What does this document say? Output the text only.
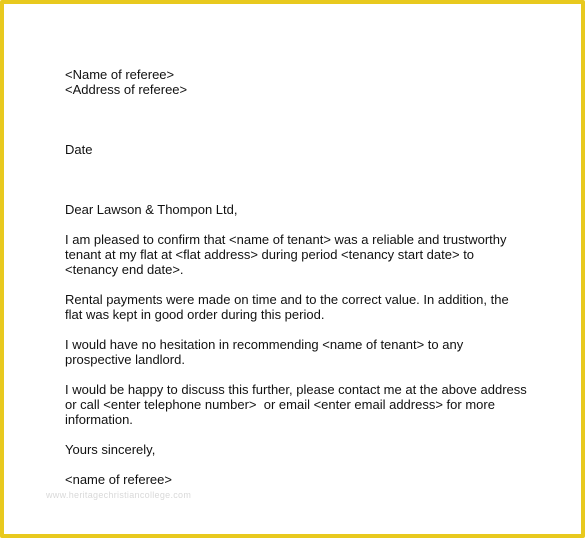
<Name of referee>
<Address of referee>
Date
Dear Lawson & Thompon Ltd,
I am pleased to confirm that <name of tenant> was a reliable and trustworthy
tenant at my flat at <flat address> during period <tenancy start date> to
<tenancy end date>.
Rental payments were made on time and to the correct value. In addition, the
flat was kept in good order during this period.
I would have no hesitation in recommending <name of tenant> to any
prospective landlord.
I would be happy to discuss this further, please contact me at the above address
or call <enter telephone number>  or email <enter email address> for more
information.
Yours sincerely,
<name of referee>
www.heritagechristiancollege.com
